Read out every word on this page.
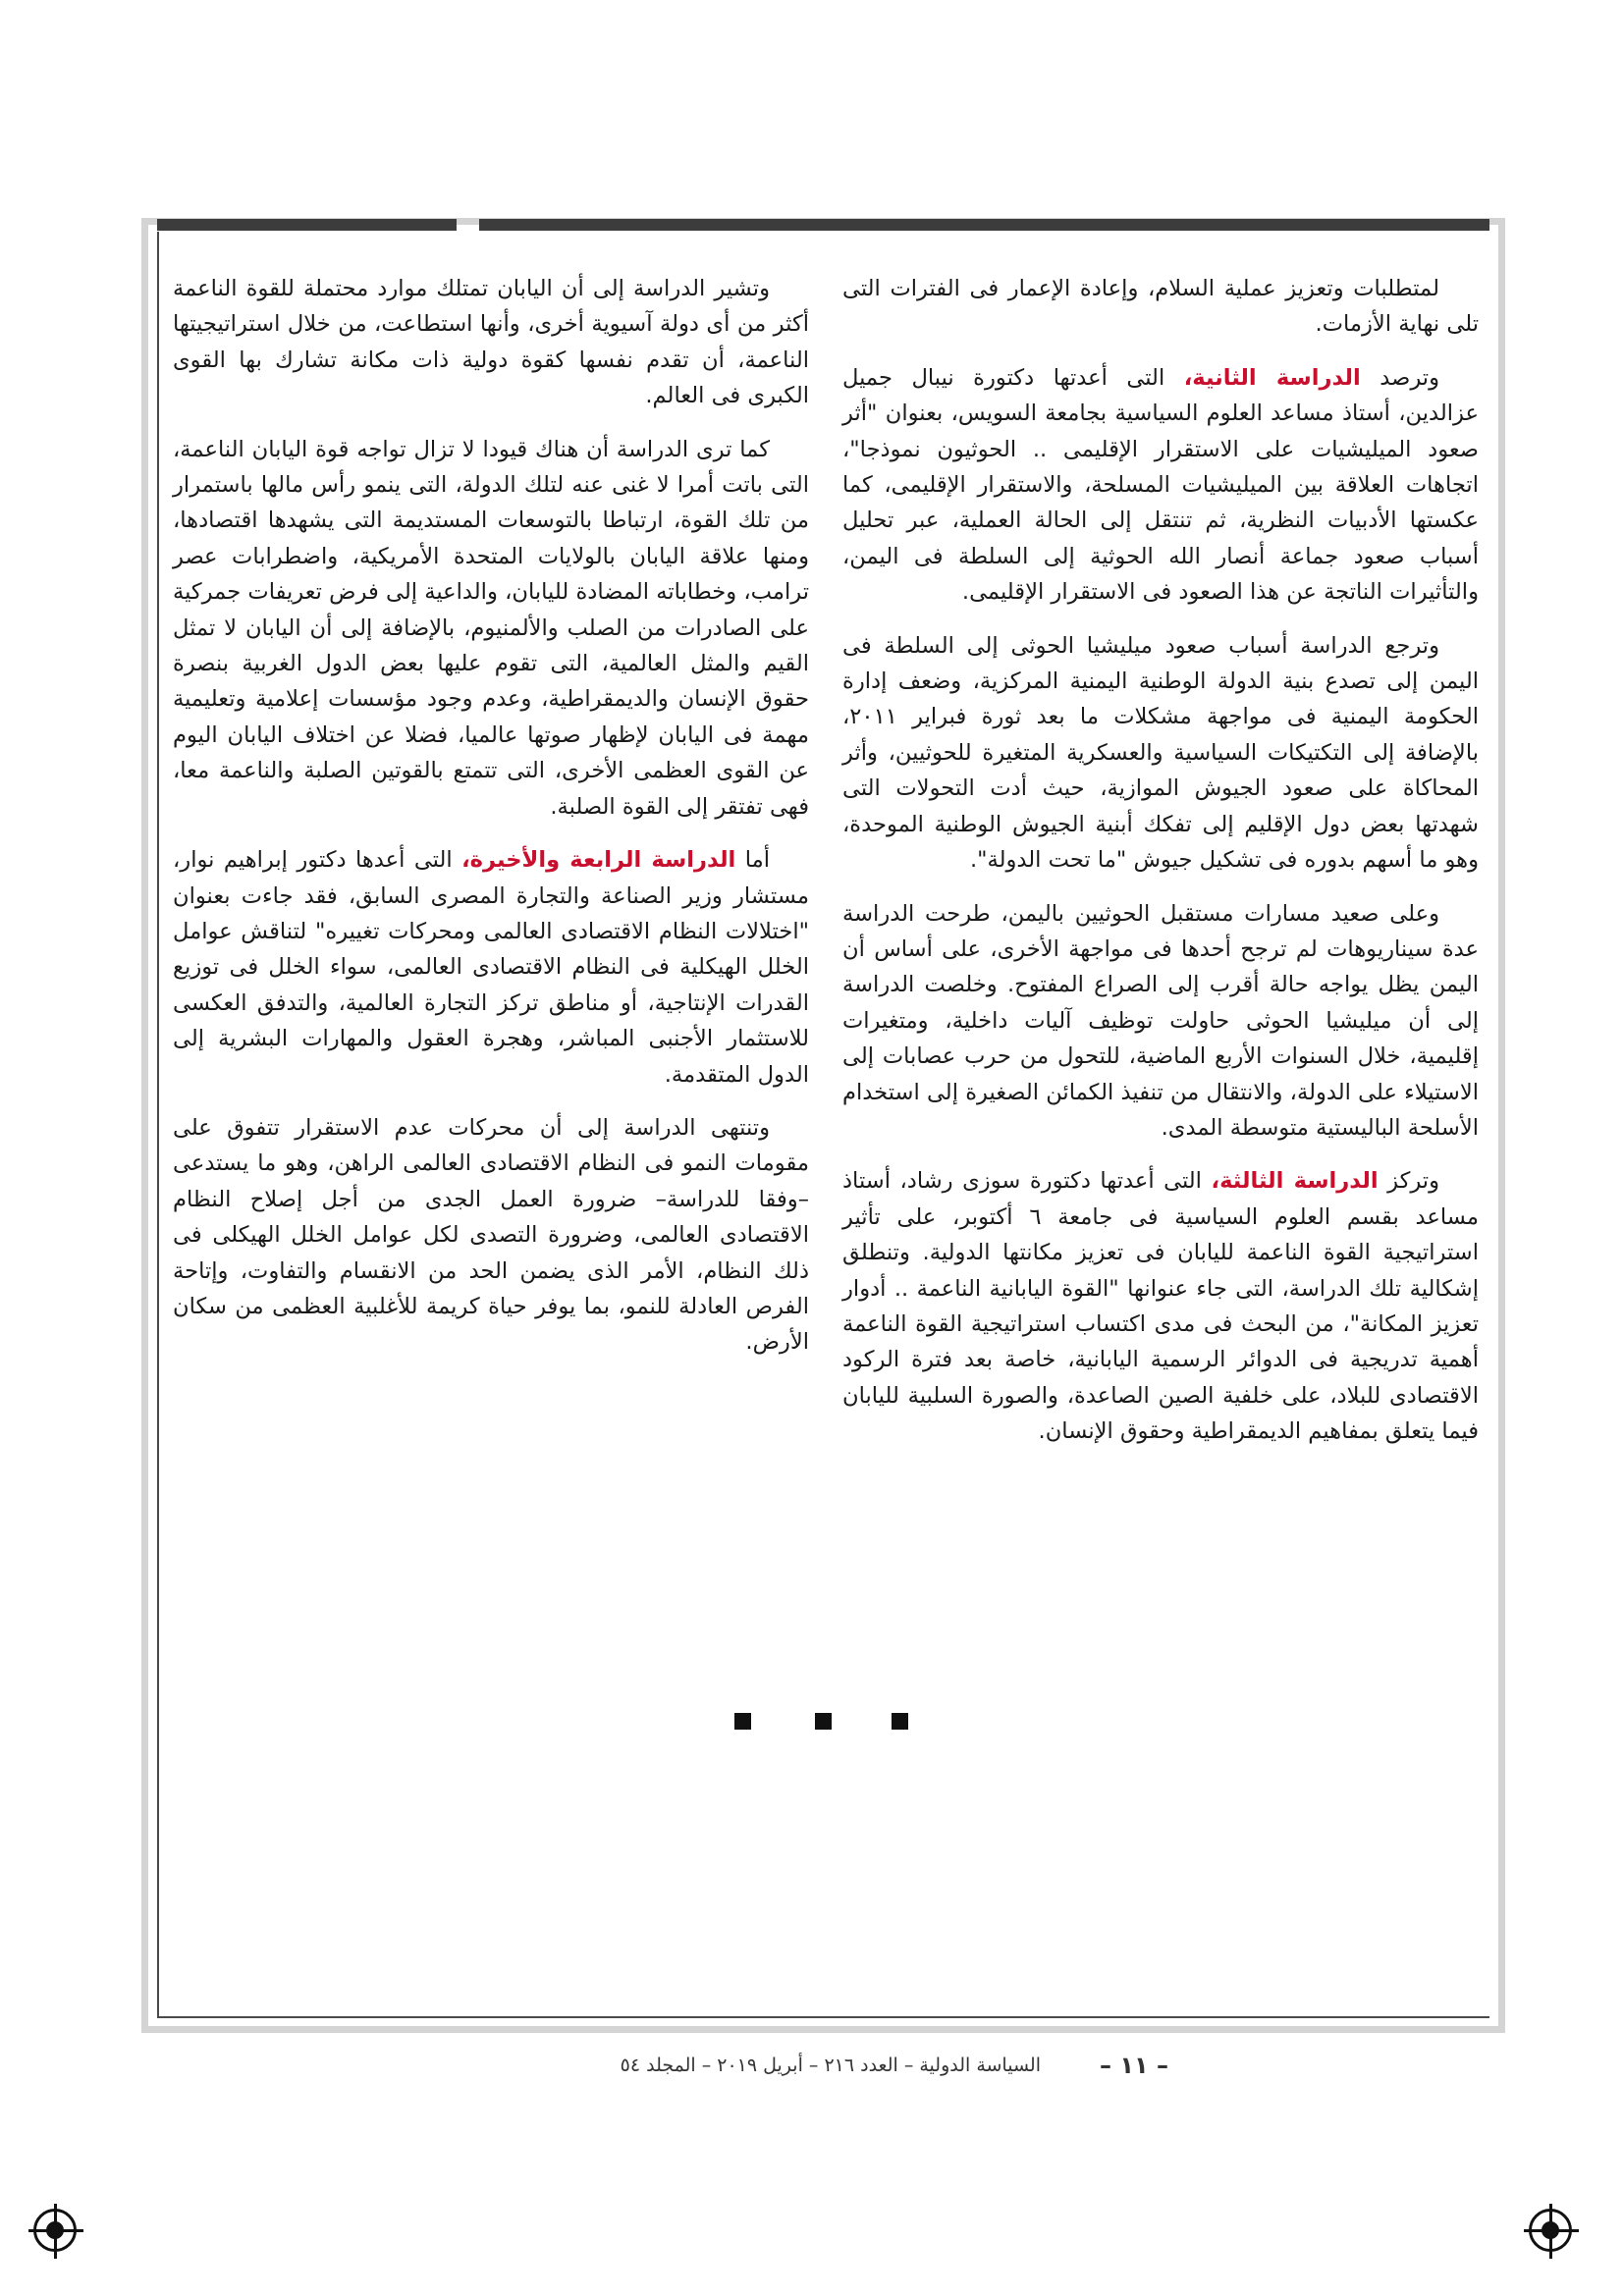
لمتطلبات وتعزيز عملية السلام، وإعادة الإعمار فى الفترات التى تلى نهاية الأزمات.

وترصد الدراسة الثانية، التى أعدتها دكتورة نيبال جميل عزالدين، أستاذ مساعد العلوم السياسية بجامعة السويس، بعنوان "أثر صعود الميليشيات على الاستقرار الإقليمى .. الحوثيون نموذجا"، اتجاهات العلاقة بين الميليشيات المسلحة، والاستقرار الإقليمى، كما عكستها الأدبيات النظرية، ثم تنتقل إلى الحالة العملية، عبر تحليل أسباب صعود جماعة أنصار الله الحوثية إلى السلطة فى اليمن، والتأثيرات الناتجة عن هذا الصعود فى الاستقرار الإقليمى.

وترجع الدراسة أسباب صعود ميليشيا الحوثى إلى السلطة فى اليمن إلى تصدع بنية الدولة الوطنية اليمنية المركزية، وضعف إدارة الحكومة اليمنية فى مواجهة مشكلات ما بعد ثورة فبراير ٢٠١١، بالإضافة إلى التكتيكات السياسية والعسكرية المتغيرة للحوثيين، وأثر المحاكاة على صعود الجيوش الموازية، حيث أدت التحولات التى شهدتها بعض دول الإقليم إلى تفكك أبنية الجيوش الوطنية الموحدة، وهو ما أسهم بدوره فى تشكيل جيوش "ما تحت الدولة".

وعلى صعيد مسارات مستقبل الحوثيين باليمن، طرحت الدراسة عدة سيناريوهات لم ترجح أحدها فى مواجهة الأخرى، على أساس أن اليمن يظل يواجه حالة أقرب إلى الصراع المفتوح. وخلصت الدراسة إلى أن ميليشيا الحوثى حاولت توظيف آليات داخلية، ومتغيرات إقليمية، خلال السنوات الأربع الماضية، للتحول من حرب عصابات إلى الاستيلاء على الدولة، والانتقال من تنفيذ الكمائن الصغيرة إلى استخدام الأسلحة الباليستية متوسطة المدى.

وتركز الدراسة الثالثة، التى أعدتها دكتورة سوزى رشاد، أستاذ مساعد بقسم العلوم السياسية فى جامعة ٦ أكتوبر، على تأثير استراتيجية القوة الناعمة لليابان فى تعزيز مكانتها الدولية. وتنطلق إشكالية تلك الدراسة، التى جاء عنوانها "القوة اليابانية الناعمة .. أدوار تعزيز المكانة"، من البحث فى مدى اكتساب استراتيجية القوة الناعمة أهمية تدريجية فى الدوائر الرسمية اليابانية، خاصة بعد فترة الركود الاقتصادى للبلاد، على خلفية الصين الصاعدة، والصورة السلبية لليابان فيما يتعلق بمفاهيم الديمقراطية وحقوق الإنسان.

وتشير الدراسة إلى أن اليابان تمتلك موارد محتملة للقوة الناعمة أكثر من أى دولة آسيوية أخرى، وأنها استطاعت، من خلال استراتيجيتها الناعمة، أن تقدم نفسها كقوة دولية ذات مكانة تشارك بها القوى الكبرى فى العالم.

كما ترى الدراسة أن هناك قيودا لا تزال تواجه قوة اليابان الناعمة، التى باتت أمرا لا غنى عنه لتلك الدولة، التى ينمو رأس مالها باستمرار من تلك القوة، ارتباطا بالتوسعات المستديمة التى يشهدها اقتصادها، ومنها علاقة اليابان بالولايات المتحدة الأمريكية، واضطرابات عصر ترامب، وخطاباته المضادة لليابان، والداعية إلى فرض تعريفات جمركية على الصادرات من الصلب والألمنيوم، بالإضافة إلى أن اليابان لا تمثل القيم والمثل العالمية، التى تقوم عليها بعض الدول الغربية بنصرة حقوق الإنسان والديمقراطية، وعدم وجود مؤسسات إعلامية وتعليمية مهمة فى اليابان لإظهار صوتها عالميا، فضلا عن اختلاف اليابان اليوم عن القوى العظمى الأخرى، التى تتمتع بالقوتين الصلبة والناعمة معا، فهى تفتقر إلى القوة الصلبة.

أما الدراسة الرابعة والأخيرة، التى أعدها دكتور إبراهيم نوار، مستشار وزير الصناعة والتجارة المصرى السابق، فقد جاءت بعنوان "اختلالات النظام الاقتصادى العالمى ومحركات تغييره" لتناقش عوامل الخلل الهيكلية فى النظام الاقتصادى العالمى، سواء الخلل فى توزيع القدرات الإنتاجية، أو مناطق تركز التجارة العالمية، والتدفق العكسى للاستثمار الأجنبى المباشر، وهجرة العقول والمهارات البشرية إلى الدول المتقدمة.

وتنتهى الدراسة إلى أن محركات عدم الاستقرار تتفوق على مقومات النمو فى النظام الاقتصادى العالمى الراهن، وهو ما يستدعى –وفقا للدراسة– ضرورة العمل الجدى من أجل إصلاح النظام الاقتصادى العالمى، وضرورة التصدى لكل عوامل الخلل الهيكلى فى ذلك النظام، الأمر الذى يضمن الحد من الانقسام والتفاوت، وإتاحة الفرص العادلة للنمو، بما يوفر حياة كريمة للأغلبية العظمى من سكان الأرض.

– ١١ –
السياسة الدولية – العدد ٢١٦ – أبريل ٢٠١٩ – المجلد ٥٤
